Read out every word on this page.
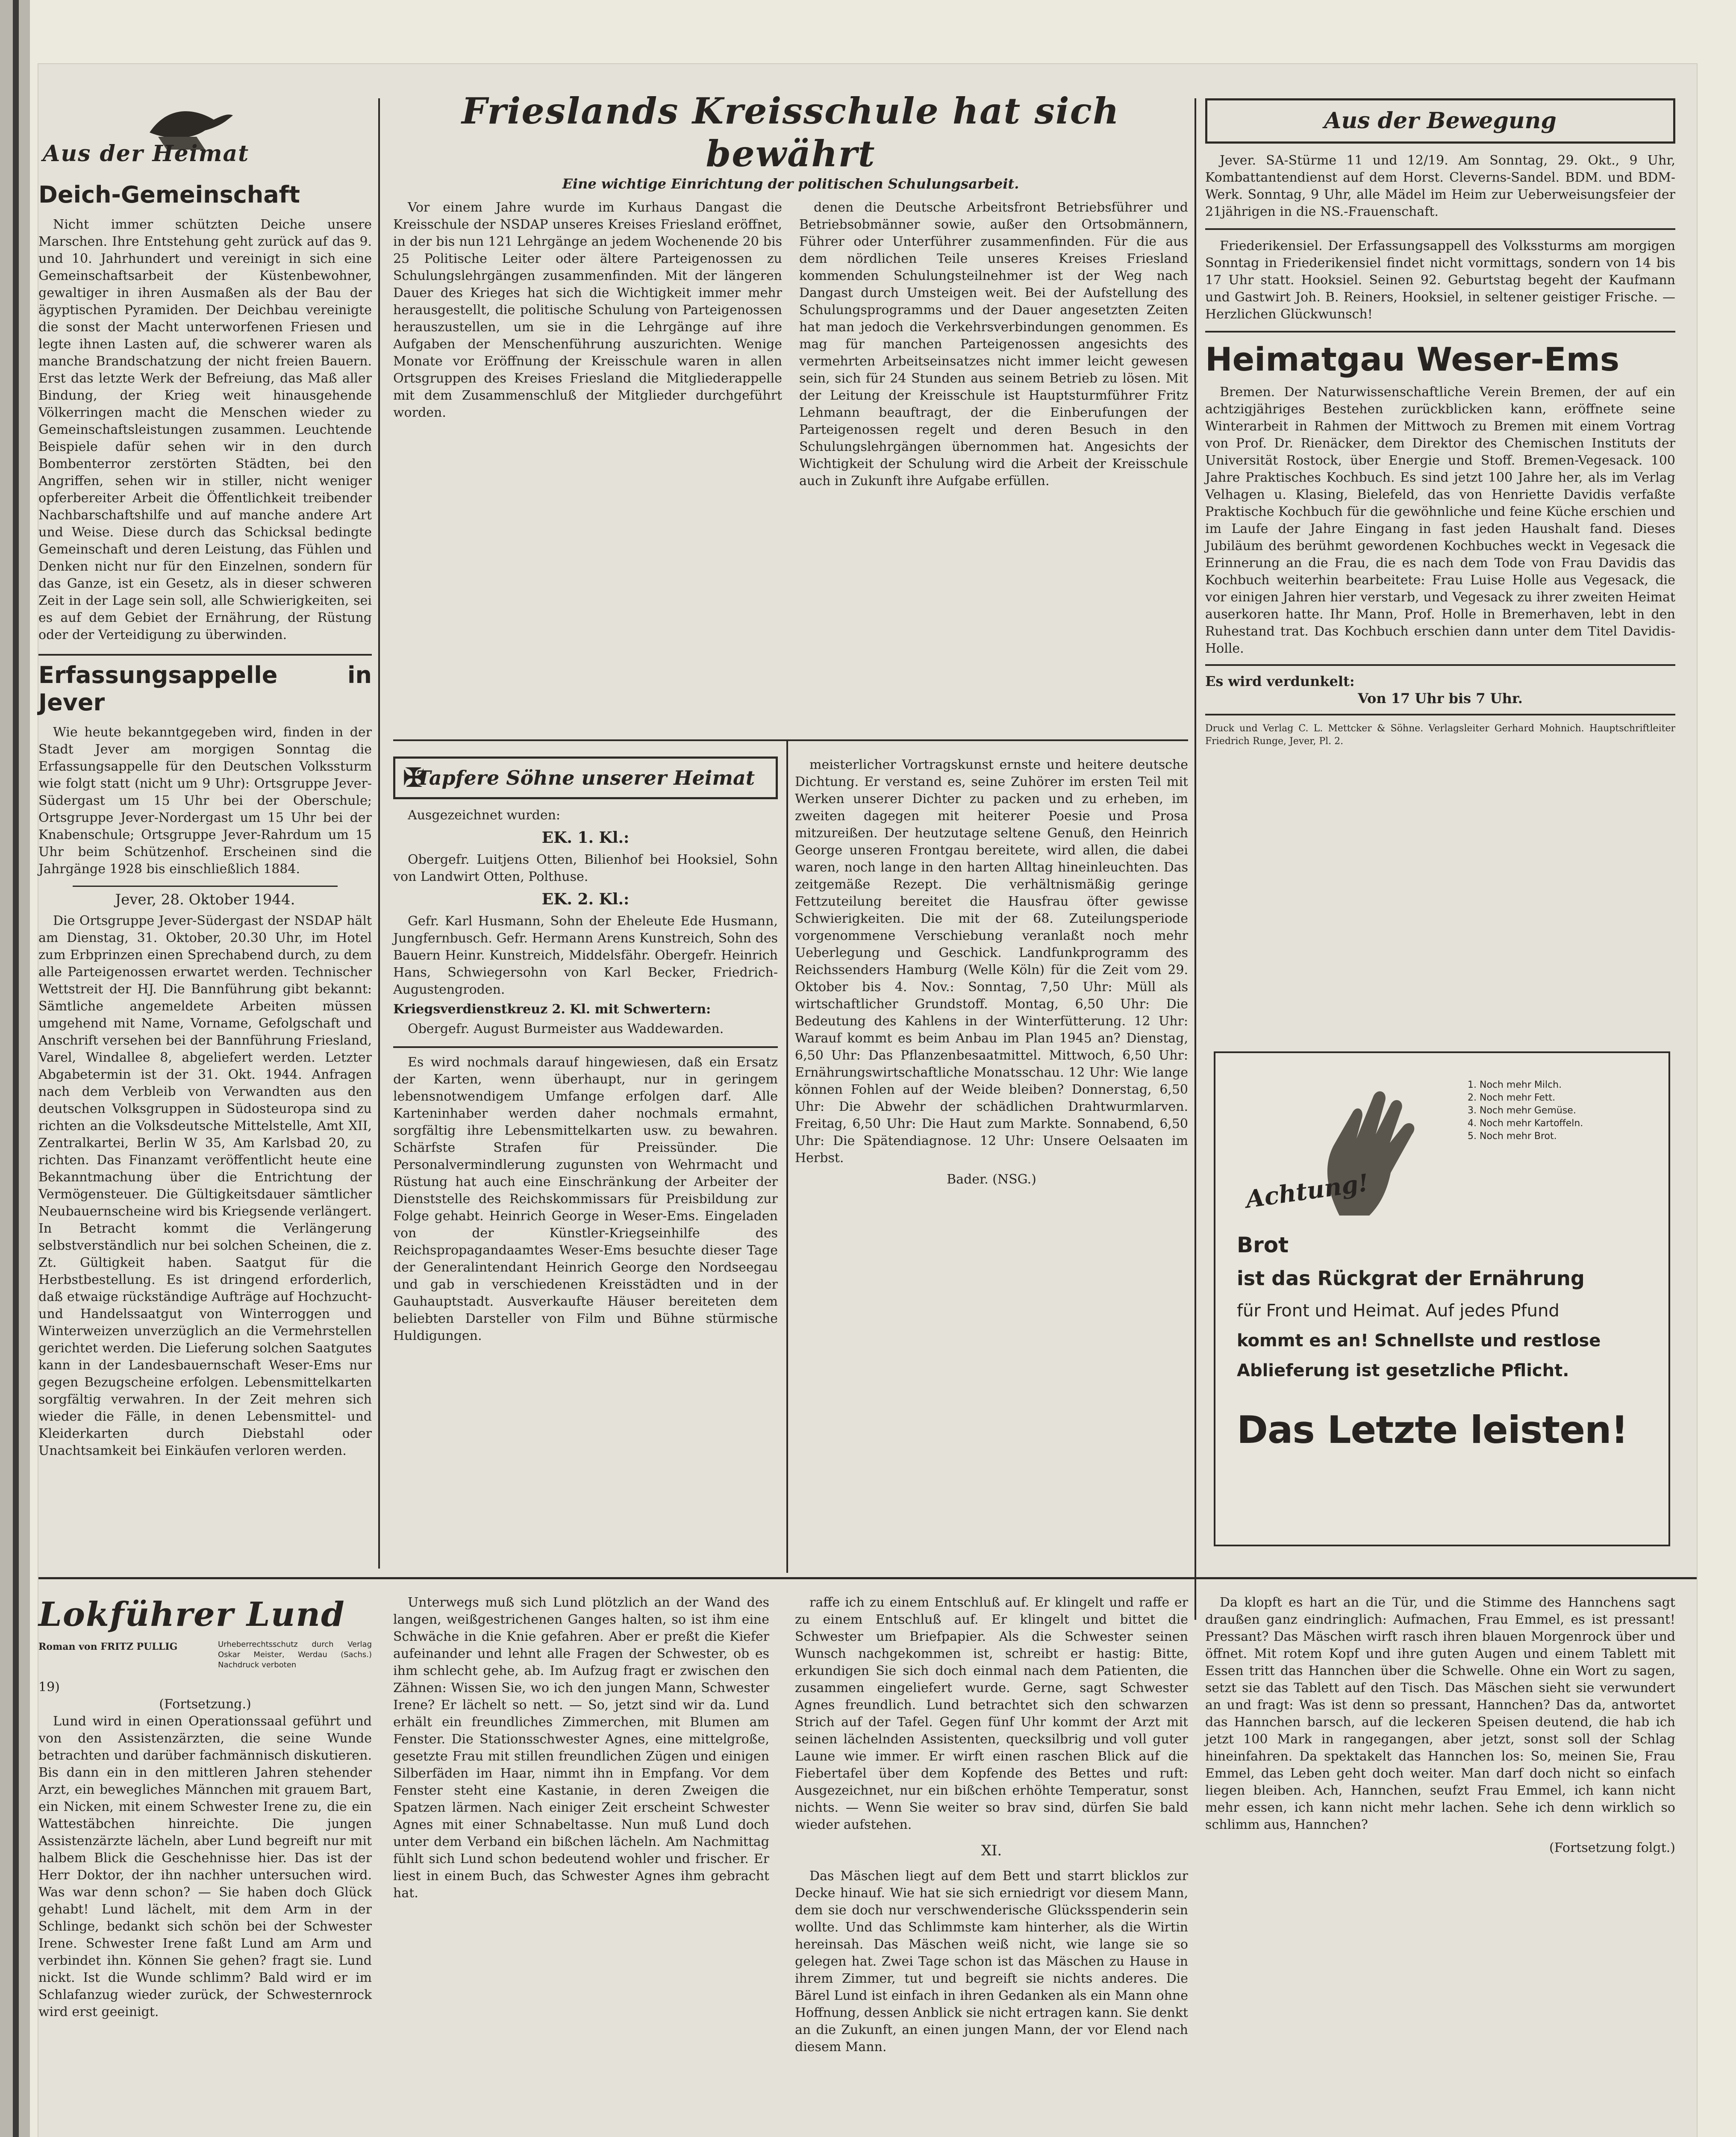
Aus der Heimat
Deich-Gemeinschaft

Nicht immer schützten Deiche unsere Marschen. Ihre Entstehung geht zurück auf das 9. und 10. Jahrhundert und vereinigt in sich eine Gemeinschaftsarbeit der Küstenbewohner, gewaltiger in ihren Ausmaßen als der Bau der ägyptischen Pyramiden. Der Deichbau vereinigte die sonst der Macht unterworfenen Friesen und legte ihnen Lasten auf, die schwerer waren als manche Brandschatzung der nicht freien Bauern. Erst das letzte Werk der Befreiung, das Maß aller Bindung, der Krieg weit hinausgehende Völkerringen macht die Menschen wieder zu Gemeinschaftsleistungen zusammen. Leuchtende Beispiele dafür sehen wir in den durch Bombenterror zerstörten Städten, bei den Angriffen, sehen wir in stiller, nicht weniger opferbereiter Arbeit die Öffentlichkeit treibender Nachbarschaftshilfe und auf manche andere Art und Weise. Diese durch das Schicksal bedingte Gemeinschaft und deren Leistung, das Fühlen und Denken nicht nur für den Einzelnen, sondern für das Ganze, ist ein Gesetz, als in dieser schweren Zeit in der Lage sein soll, alle Schwierigkeiten, sei es auf dem Gebiet der Ernährung, der Rüstung oder der Verteidigung zu überwinden.

Erfassungsappelle in Jever

Wie heute bekanntgegeben wird, finden in der Stadt Jever am morgigen Sonntag die Erfassungsappelle für den Deutschen Volkssturm wie folgt statt (nicht um 9 Uhr): Ortsgruppe Jever-Südergast um 15 Uhr bei der Oberschule; Ortsgruppe Jever-Nordergast um 15 Uhr bei der Knabenschule; Ortsgruppe Jever-Rahrdum um 15 Uhr beim Schützenhof. Erscheinen sind die Jahrgänge 1928 bis einschließlich 1884.

Jever, 28. Oktober 1944.

Die Ortsgruppe Jever-Südergast der NSDAP hält am Dienstag, 31. Oktober, 20.30 Uhr, im Hotel zum Erbprinzen einen Sprechabend durch, zu dem alle Parteigenossen erwartet werden. Technischer Wettstreit der HJ. Die Bannführung gibt bekannt: Sämtliche angemeldete Arbeiten müssen umgehend mit Name, Vorname, Gefolgschaft und Anschrift versehen bei der Bannführung Friesland, Varel, Windallee 8, abgeliefert werden. Letzter Abgabetermin ist der 31. Okt. 1944. Anfragen nach dem Verbleib von Verwandten aus den deutschen Volksgruppen in Südosteuropa sind zu richten an die Volksdeutsche Mittelstelle, Amt XII, Zentralkartei, Berlin W 35, Am Karlsbad 20, zu richten. Das Finanzamt veröffentlicht heute eine Bekanntmachung über die Entrichtung der Vermögensteuer. Die Gültigkeitsdauer sämtlicher Neubauernscheine wird bis Kriegsende verlängert. In Betracht kommt die Verlängerung selbstverständlich nur bei solchen Scheinen, die z. Zt. Gültigkeit haben. Saatgut für die Herbstbestellung. Es ist dringend erforderlich, daß etwaige rückständige Aufträge auf Hochzucht- und Handelssaatgut von Winterroggen und Winterweizen unverzüglich an die Vermehrstellen gerichtet werden. Die Lieferung solchen Saatgutes kann in der Landesbauernschaft Weser-Ems nur gegen Bezugscheine erfolgen. Lebensmittelkarten sorgfältig verwahren. In der Zeit mehren sich wieder die Fälle, in denen Lebensmittel- und Kleiderkarten durch Diebstahl oder Unachtsamkeit bei Einkäufen verloren werden.

Frieslands Kreisschule hat sich bewährt
Eine wichtige Einrichtung der politischen Schulungsarbeit.

Vor einem Jahre wurde im Kurhaus Dangast die Kreisschule der NSDAP unseres Kreises Friesland eröffnet, in der bis nun 121 Lehrgänge an jedem Wochenende 20 bis 25 Politische Leiter oder ältere Parteigenossen zu Schulungslehrgängen zusammenfinden. Mit der längeren Dauer des Krieges hat sich die Wichtigkeit immer mehr herausgestellt, die politische Schulung von Parteigenossen herauszustellen, um sie in die Lehrgänge auf ihre Aufgaben der Menschenführung auszurichten. Wenige Monate vor Eröffnung der Kreisschule waren in allen Ortsgruppen des Kreises Friesland die Mitgliederappelle mit dem Zusammenschluß der Mitglieder durchgeführt worden.

denen die Deutsche Arbeitsfront Betriebsführer und Betriebsobmänner sowie, außer den Ortsobmännern, Führer oder Unterführer zusammenfinden. Für die aus dem nördlichen Teile unseres Kreises Friesland kommenden Schulungsteilnehmer ist der Weg nach Dangast durch Umsteigen weit. Bei der Aufstellung des Schulungsprogramms und der Dauer angesetzten Zeiten hat man jedoch die Verkehrsverbindungen genommen. Es mag für manchen Parteigenossen angesichts des vermehrten Arbeitseinsatzes nicht immer leicht gewesen sein, sich für 24 Stunden aus seinem Betrieb zu lösen. Mit der Leitung der Kreisschule ist Hauptsturmführer Fritz Lehmann beauftragt, der die Einberufungen der Parteigenossen regelt und deren Besuch in den Schulungslehrgängen übernommen hat. Angesichts der Wichtigkeit der Schulung wird die Arbeit der Kreisschule auch in Zukunft ihre Aufgabe erfüllen.

✠
Tapfere Söhne unserer Heimat

Ausgezeichnet wurden:

EK. 1. Kl.:

Obergefr. Luitjens Otten, Bilienhof bei Hooksiel, Sohn von Landwirt Otten, Polthuse.

EK. 2. Kl.:

Gefr. Karl Husmann, Sohn der Eheleute Ede Husmann, Jungfernbusch. Gefr. Hermann Arens Kunstreich, Sohn des Bauern Heinr. Kunstreich, Middelsfähr. Obergefr. Heinrich Hans, Schwiegersohn von Karl Becker, Friedrich-Augustengroden.

Kriegsverdienstkreuz 2. Kl. mit Schwertern:

Obergefr. August Burmeister aus Waddewarden.

Es wird nochmals darauf hingewiesen, daß ein Ersatz der Karten, wenn überhaupt, nur in geringem lebensnotwendigem Umfange erfolgen darf. Alle Karteninhaber werden daher nochmals ermahnt, sorgfältig ihre Lebensmittelkarten usw. zu bewahren. Schärfste Strafen für Preissünder. Die Personalvermindlerung zugunsten von Wehrmacht und Rüstung hat auch eine Einschränkung der Arbeiter der Dienststelle des Reichskommissars für Preisbildung zur Folge gehabt. Heinrich George in Weser-Ems. Eingeladen von der Künstler-Kriegseinhilfe des Reichspropagandaamtes Weser-Ems besuchte dieser Tage der Generalintendant Heinrich George den Nordseegau und gab in verschiedenen Kreisstädten und in der Gauhauptstadt. Ausverkaufte Häuser bereiteten dem beliebten Darsteller von Film und Bühne stürmische Huldigungen.

meisterlicher Vortragskunst ernste und heitere deutsche Dichtung. Er verstand es, seine Zuhörer im ersten Teil mit Werken unserer Dichter zu packen und zu erheben, im zweiten dagegen mit heiterer Poesie und Prosa mitzureißen. Der heutzutage seltene Genuß, den Heinrich George unseren Frontgau bereitete, wird allen, die dabei waren, noch lange in den harten Alltag hineinleuchten. Das zeitgemäße Rezept. Die verhältnismäßig geringe Fettzuteilung bereitet die Hausfrau öfter gewisse Schwierigkeiten. Die mit der 68. Zuteilungsperiode vorgenommene Verschiebung veranlaßt noch mehr Ueberlegung und Geschick. Landfunkprogramm des Reichssenders Hamburg (Welle Köln) für die Zeit vom 29. Oktober bis 4. Nov.: Sonntag, 7,50 Uhr: Müll als wirtschaftlicher Grundstoff. Montag, 6,50 Uhr: Die Bedeutung des Kahlens in der Winterfütterung. 12 Uhr: Warauf kommt es beim Anbau im Plan 1945 an? Dienstag, 6,50 Uhr: Das Pflanzenbesaatmittel. Mittwoch, 6,50 Uhr: Ernährungswirtschaftliche Monatsschau. 12 Uhr: Wie lange können Fohlen auf der Weide bleiben? Donnerstag, 6,50 Uhr: Die Abwehr der schädlichen Drahtwurmlarven. Freitag, 6,50 Uhr: Die Haut zum Markte. Sonnabend, 6,50 Uhr: Die Spätendiagnose. 12 Uhr: Unsere Oelsaaten im Herbst.

Bader. (NSG.)
Aus der Bewegung

Jever. SA-Stürme 11 und 12/19. Am Sonntag, 29. Okt., 9 Uhr, Kombattantendienst auf dem Horst. Cleverns-Sandel. BDM. und BDM-Werk. Sonntag, 9 Uhr, alle Mädel im Heim zur Ueberweisungsfeier der 21jährigen in die NS.-Frauenschaft.

Friederikensiel. Der Erfassungsappell des Volkssturms am morgigen Sonntag in Friederikensiel findet nicht vormittags, sondern von 14 bis 17 Uhr statt. Hooksiel. Seinen 92. Geburtstag begeht der Kaufmann und Gastwirt Joh. B. Reiners, Hooksiel, in seltener geistiger Frische. — Herzlichen Glückwunsch!

Heimatgau Weser-Ems

Bremen. Der Naturwissenschaftliche Verein Bremen, der auf ein achtzigjähriges Bestehen zurückblicken kann, eröffnete seine Winterarbeit in Rahmen der Mittwoch zu Bremen mit einem Vortrag von Prof. Dr. Rienäcker, dem Direktor des Chemischen Instituts der Universität Rostock, über Energie und Stoff. Bremen-Vegesack. 100 Jahre Praktisches Kochbuch. Es sind jetzt 100 Jahre her, als im Verlag Velhagen u. Klasing, Bielefeld, das von Henriette Davidis verfaßte Praktische Kochbuch für die gewöhnliche und feine Küche erschien und im Laufe der Jahre Eingang in fast jeden Haushalt fand. Dieses Jubiläum des berühmt gewordenen Kochbuches weckt in Vegesack die Erinnerung an die Frau, die es nach dem Tode von Frau Davidis das Kochbuch weiterhin bearbeitete: Frau Luise Holle aus Vegesack, die vor einigen Jahren hier verstarb, und Vegesack zu ihrer zweiten Heimat auserkoren hatte. Ihr Mann, Prof. Holle in Bremerhaven, lebt in den Ruhestand trat. Das Kochbuch erschien dann unter dem Titel Davidis-Holle.

Es wird verdunkelt:
Von 17 Uhr bis 7 Uhr.
Druck und Verlag C. L. Mettcker & Söhne. Verlagsleiter Gerhard Mohnich. Hauptschriftleiter Friedrich Runge, Jever, Pl. 2.
1. Noch mehr Milch.
2. Noch mehr Fett.
3. Noch mehr Gemüse.
4. Noch mehr Kartoffeln.
5. Noch mehr Brot.
Achtung!
Brot
ist das Rückgrat der Ernährung
für Front und Heimat. Auf jedes Pfund
kommt es an! Schnellste und restlose
Ablieferung ist gesetzliche Pflicht.
Das Letzte leisten!
Lokführer Lund
Roman von FRITZ PULLIG	Urheberrechtsschutz durch Verlag Oskar Meister, Werdau (Sachs.) Nachdruck verboten
19)
(Fortsetzung.)

Lund wird in einen Operationssaal geführt und von den Assistenzärzten, die seine Wunde betrachten und darüber fachmännisch diskutieren. Bis dann ein in den mittleren Jahren stehender Arzt, ein bewegliches Männchen mit grauem Bart, ein Nicken, mit einem Schwester Irene zu, die ein Wattestäbchen hinreichte. Die jungen Assistenzärzte lächeln, aber Lund begreift nur mit halbem Blick die Geschehnisse hier. Das ist der Herr Doktor, der ihn nachher untersuchen wird. Was war denn schon? — Sie haben doch Glück gehabt! Lund lächelt, mit dem Arm in der Schlinge, bedankt sich schön bei der Schwester Irene. Schwester Irene faßt Lund am Arm und verbindet ihn. Können Sie gehen? fragt sie. Lund nickt. Ist die Wunde schlimm? Bald wird er im Schlafanzug wieder zurück, der Schwesternrock wird erst geeinigt.

Unterwegs muß sich Lund plötzlich an der Wand des langen, weißgestrichenen Ganges halten, so ist ihm eine Schwäche in die Knie gefahren. Aber er preßt die Kiefer aufeinander und lehnt alle Fragen der Schwester, ob es ihm schlecht gehe, ab. Im Aufzug fragt er zwischen den Zähnen: Wissen Sie, wo ich den jungen Mann, Schwester Irene? Er lächelt so nett. — So, jetzt sind wir da. Lund erhält ein freundliches Zimmerchen, mit Blumen am Fenster. Die Stationsschwester Agnes, eine mittelgroße, gesetzte Frau mit stillen freundlichen Zügen und einigen Silberfäden im Haar, nimmt ihn in Empfang. Vor dem Fenster steht eine Kastanie, in deren Zweigen die Spatzen lärmen. Nach einiger Zeit erscheint Schwester Agnes mit einer Schnabeltasse. Nun muß Lund doch unter dem Verband ein bißchen lächeln. Am Nachmittag fühlt sich Lund schon bedeutend wohler und frischer. Er liest in einem Buch, das Schwester Agnes ihm gebracht hat.

raffe ich zu einem Entschluß auf. Er klingelt und raffe er zu einem Entschluß auf. Er klingelt und bittet die Schwester um Briefpapier. Als die Schwester seinen Wunsch nachgekommen ist, schreibt er hastig: Bitte, erkundigen Sie sich doch einmal nach dem Patienten, die zusammen eingeliefert wurde. Gerne, sagt Schwester Agnes freundlich. Lund betrachtet sich den schwarzen Strich auf der Tafel. Gegen fünf Uhr kommt der Arzt mit seinen lächelnden Assistenten, quecksilbrig und voll guter Laune wie immer. Er wirft einen raschen Blick auf die Fiebertafel über dem Kopfende des Bettes und ruft: Ausgezeichnet, nur ein bißchen erhöhte Temperatur, sonst nichts. — Wenn Sie weiter so brav sind, dürfen Sie bald wieder aufstehen.

XI.

Das Mäschen liegt auf dem Bett und starrt blicklos zur Decke hinauf. Wie hat sie sich erniedrigt vor diesem Mann, dem sie doch nur verschwenderische Glücksspenderin sein wollte. Und das Schlimmste kam hinterher, als die Wirtin hereinsah. Das Mäschen weiß nicht, wie lange sie so gelegen hat. Zwei Tage schon ist das Mäschen zu Hause in ihrem Zimmer, tut und begreift sie nichts anderes. Die Bärel Lund ist einfach in ihren Gedanken als ein Mann ohne Hoffnung, dessen Anblick sie nicht ertragen kann. Sie denkt an die Zukunft, an einen jungen Mann, der vor Elend nach diesem Mann.

Da klopft es hart an die Tür, und die Stimme des Hannchens sagt draußen ganz eindringlich: Aufmachen, Frau Emmel, es ist pressant! Pressant? Das Mäschen wirft rasch ihren blauen Morgenrock über und öffnet. Mit rotem Kopf und ihre guten Augen und einem Tablett mit Essen tritt das Hannchen über die Schwelle. Ohne ein Wort zu sagen, setzt sie das Tablett auf den Tisch. Das Mäschen sieht sie verwundert an und fragt: Was ist denn so pressant, Hannchen? Das da, antwortet das Hannchen barsch, auf die leckeren Speisen deutend, die hab ich jetzt 100 Mark in rangegangen, aber jetzt, sonst soll der Schlag hineinfahren. Da spektakelt das Hannchen los: So, meinen Sie, Frau Emmel, das Leben geht doch weiter. Man darf doch nicht so einfach liegen bleiben. Ach, Hannchen, seufzt Frau Emmel, ich kann nicht mehr essen, ich kann nicht mehr lachen. Sehe ich denn wirklich so schlimm aus, Hannchen?

(Fortsetzung folgt.)
